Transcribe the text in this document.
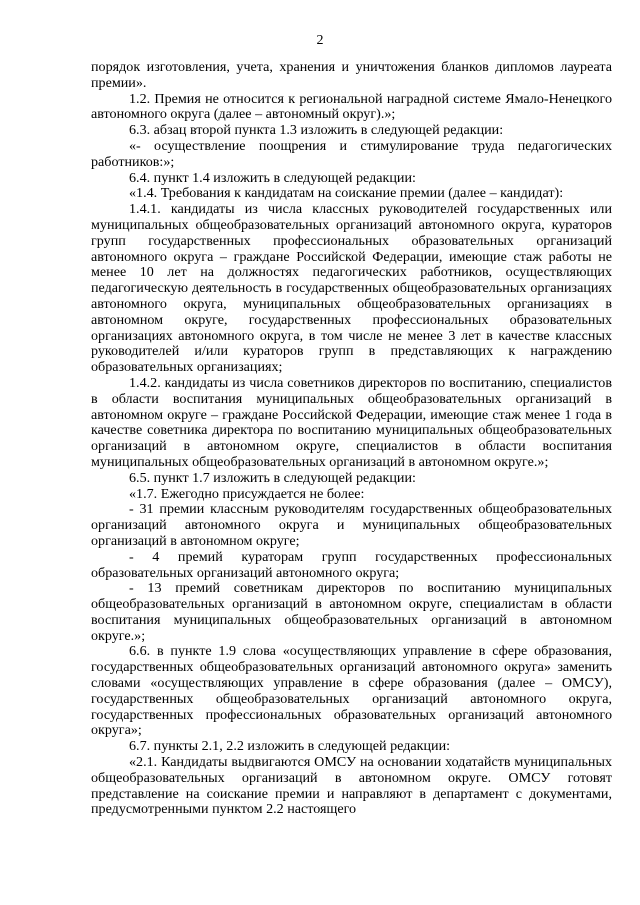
2

порядок изготовления, учета, хранения и уничтожения бланков дипломов лауреата премии».

1.2. Премия не относится к региональной наградной системе Ямало-Ненецкого автономного округа (далее – автономный округ).»;

6.3. абзац второй пункта 1.3 изложить в следующей редакции:

«- осуществление поощрения и стимулирование труда педагогических работников:»;

6.4. пункт 1.4 изложить в следующей редакции:

«1.4. Требования к кандидатам на соискание премии (далее – кандидат):

1.4.1. кандидаты из числа классных руководителей государственных или муниципальных общеобразовательных организаций автономного округа, кураторов групп государственных профессиональных образовательных организаций автономного округа – граждане Российской Федерации, имеющие стаж работы не менее 10 лет на должностях педагогических работников, осуществляющих педагогическую деятельность в государственных общеобразовательных организациях автономного округа, муниципальных общеобразовательных организациях в автономном округе, государственных профессиональных образовательных организациях автономного округа, в том числе не менее 3 лет в качестве классных руководителей и/или кураторов групп в представляющих к награждению образовательных организациях;

1.4.2. кандидаты из числа советников директоров по воспитанию, специалистов в области воспитания муниципальных общеобразовательных организаций в автономном округе – граждане Российской Федерации, имеющие стаж менее 1 года в качестве советника директора по воспитанию муниципальных общеобразовательных организаций в автономном округе, специалистов в области воспитания муниципальных общеобразовательных организаций в автономном округе.»;

6.5. пункт 1.7 изложить в следующей редакции:

«1.7. Ежегодно присуждается не более:

- 31 премии классным руководителям государственных общеобразовательных организаций автономного округа и муниципальных общеобразовательных организаций в автономном округе;

- 4 премий кураторам групп государственных профессиональных образовательных организаций автономного округа;

- 13 премий советникам директоров по воспитанию муниципальных общеобразовательных организаций в автономном округе, специалистам в области воспитания муниципальных общеобразовательных организаций в автономном округе.»;

6.6. в пункте 1.9 слова «осуществляющих управление в сфере образования, государственных общеобразовательных организаций автономного округа» заменить словами «осуществляющих управление в сфере образования (далее – ОМСУ), государственных общеобразовательных организаций автономного округа, государственных профессиональных образовательных организаций автономного округа»;

6.7. пункты 2.1, 2.2 изложить в следующей редакции:

«2.1. Кандидаты выдвигаются ОМСУ на основании ходатайств муниципальных общеобразовательных организаций в автономном округе. ОМСУ готовят представление на соискание премии и направляют в департамент с документами, предусмотренными пунктом 2.2 настоящего
